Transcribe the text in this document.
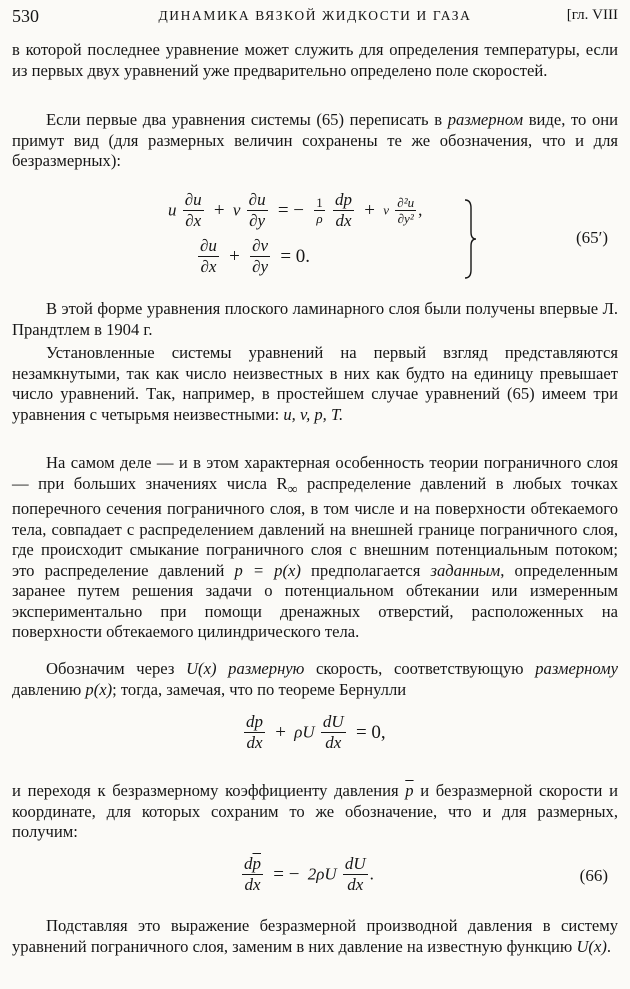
530	ДИНАМИКА ВЯЗКОЙ ЖИДКОСТИ И ГАЗА	[гл. VIII
в которой последнее уравнение может служить для определения температуры, если из первых двух уравнений уже предварительно определено поле скоростей.
Если первые два уравнения системы (65) переписать в размерном виде, то они примут вид (для размерных величин сохранены те же обозначения, что и для безразмерных):
u $\frac{\partial u}{\partial x} + v \frac{\partial u}{\partial y}$ = − $\frac{1}{\rho}$
$\frac{dp}{dx} + \nu \frac{\text{∂²u}}{\text{∂y²}}$ ,
$\frac{\partial u}{\partial x} + \frac{\partial v}{\partial y} = 0$.
(65′)
В этой форме уравнения плоского ламинарного слоя были получены впервые Л. Прандтлем в 1904 г.
Установленные системы уравнений на первый взгляд представляются незамкнутыми, так как число неизвестных в них как будто на единицу превышает число уравнений. Так, например, в простейшем случае уравнений (65) имеем три уравнения с четырьмя неизвестными: u, v, p, T.
На самом деле — и в этом характерная особенность теории пограничного слоя — при больших значениях числа $R_\infty$ распределение давлений в любых точках поперечного сечения пограничного слоя, в том числе и на поверхности обтекаемого тела, совпадает с распределением давлений на внешней границе пограничного слоя, где происходит смыкание пограничного слоя с внешним потенциальным потоком; это распределение давлений p = p(x) предполагается заданным, определенным заранее путем решения задачи о потенциальном обтекании или измеренным экспериментально при помощи дренажных отверстий, расположенных на поверхности обтекаемого цилиндрического тела.
Обозначим через U(x) размерную скорость, соответствующую размерному давлению p(x); тогда, замечая, что по теореме Бернулли
$\frac{dp}{dx} + \rho U \frac{dU}{dx} = 0$,
и переходя к безразмерному коэффициенту давления $\overline{p}$ и безразмерной скорости и координате, для которых сохраним то же обозначение, что и для размерных, получим:
$\frac{d\overline{p}}{dx}$ = − $2\rho U \frac{dU}{dx}$ .	(66)
Подставляя это выражение безразмерной производной давления в систему уравнений пограничного слоя, заменим в них давление на известную функцию U(x).
